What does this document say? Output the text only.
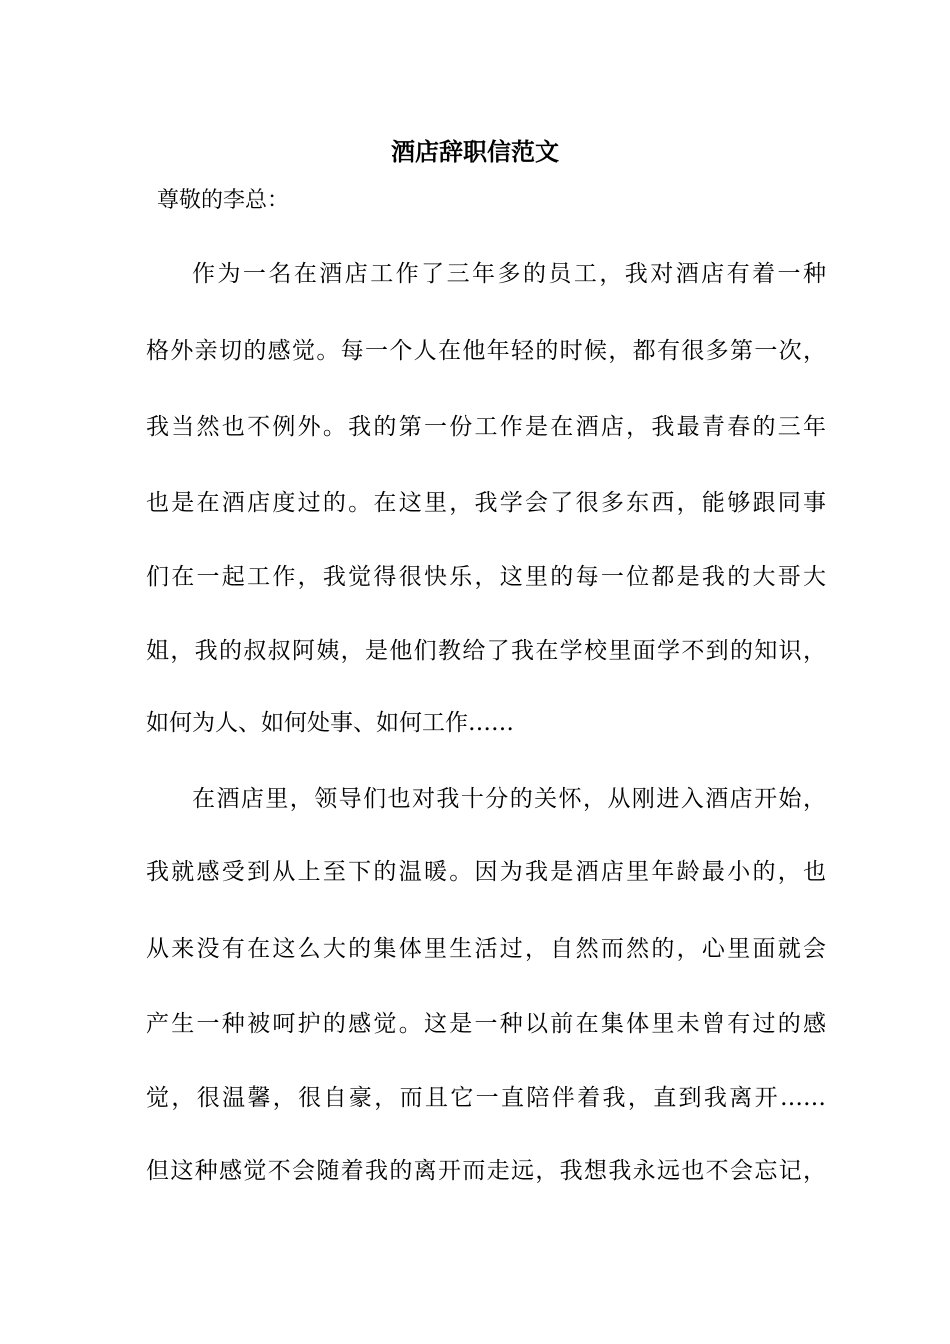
酒店辞职信范文
尊敬的李总：
作为一名在酒店工作了三年多的员工，我对酒店有着一种
格外亲切的感觉。每一个人在他年轻的时候，都有很多第一次，
我当然也不例外。我的第一份工作是在酒店，我最青春的三年
也是在酒店度过的。在这里，我学会了很多东西，能够跟同事
们在一起工作，我觉得很快乐，这里的每一位都是我的大哥大
姐，我的叔叔阿姨，是他们教给了我在学校里面学不到的知识，
如何为人、如何处事、如何工作……
在酒店里，领导们也对我十分的关怀，从刚进入酒店开始，
我就感受到从上至下的温暖。因为我是酒店里年龄最小的，也
从来没有在这么大的集体里生活过，自然而然的，心里面就会
产生一种被呵护的感觉。这是一种以前在集体里未曾有过的感
觉，很温馨，很自豪，而且它一直陪伴着我，直到我离开……
但这种感觉不会随着我的离开而走远，我想我永远也不会忘记，
